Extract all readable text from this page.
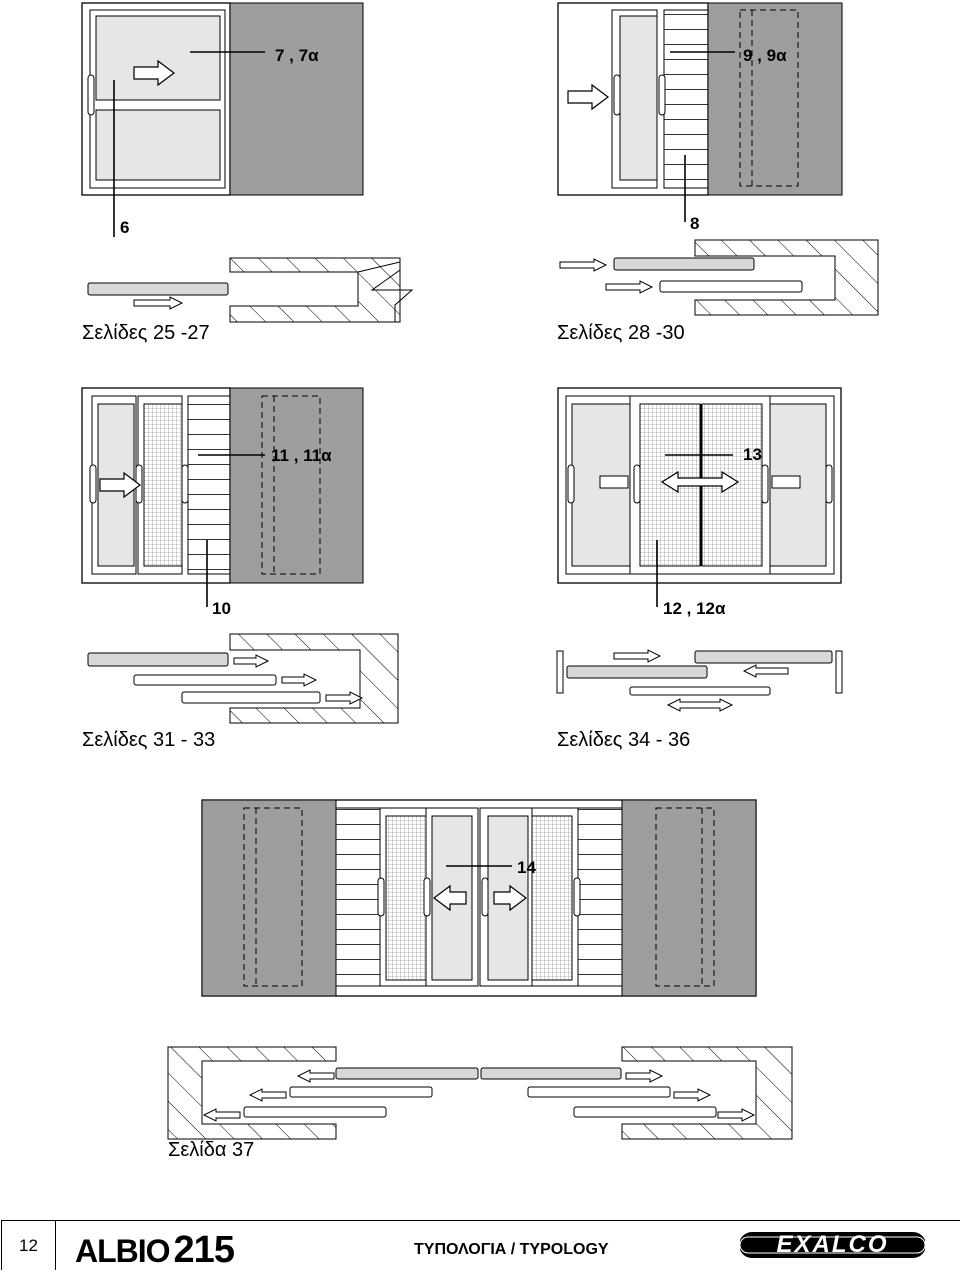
7 , 7α	9 , 9α
6	8
11 , 11α	13
10	12 , 12α
14
Σελίδες 25 -27	Σελίδες 28 -30
Σελίδες 31 - 33	Σελίδες 34 - 36
Σελίδα 37
12	ALBIO 215	ΤΥΠΟΛΟΓΙΑ / TYPOLOGY	EXALCO
